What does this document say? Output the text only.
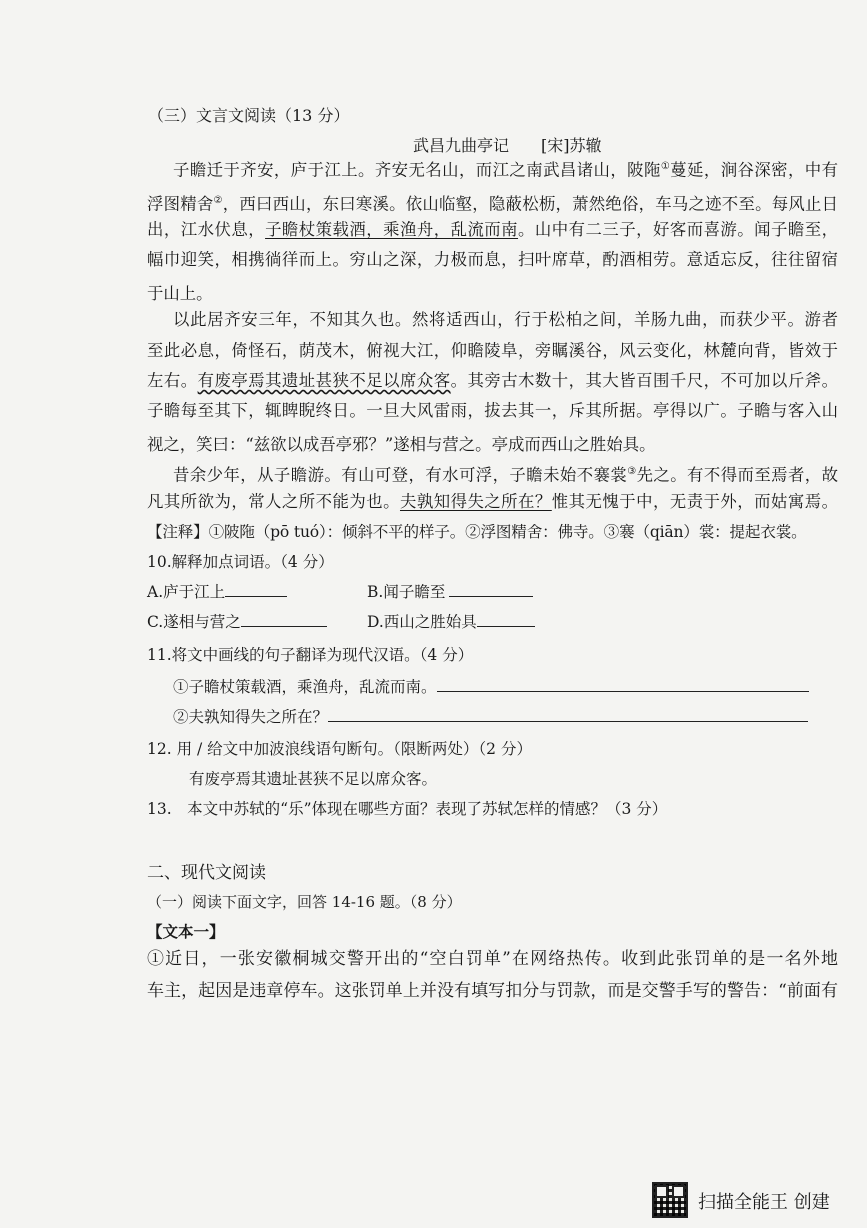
（三）文言文阅读（13 分）
武昌九曲亭记　　[宋]苏辙
子瞻迁于齐安，庐于江上。齐安无名山，而江之南武昌诸山，陂陁①蔓延，涧谷深密，中有
浮图精舍②，西曰西山，东曰寒溪。依山临壑，隐蔽松枥，萧然绝俗，车马之迹不至。每风止日
出，江水伏息，子瞻杖策载酒，乘渔舟，乱流而南。山中有二三子，好客而喜游。闻子瞻至，
幅巾迎笑，相携徜徉而上。穷山之深，力极而息，扫叶席草，酌酒相劳。意适忘反，往往留宿
于山上。
以此居齐安三年，不知其久也。然将适西山，行于松柏之间，羊肠九曲，而获少平。游者
至此必息，倚怪石，荫茂木，俯视大江，仰瞻陵阜，旁瞩溪谷，风云变化，林麓向背，皆效于
左右。有废亭焉其遗址甚狭不足以席众客。其旁古木数十，其大皆百围千尺，不可加以斤斧。
子瞻每至其下，辄睥睨终日。一旦大风雷雨，拔去其一，斥其所据。亭得以广。子瞻与客入山
视之，笑曰：“兹欲以成吾亭邪？”遂相与营之。亭成而西山之胜始具。
昔余少年，从子瞻游。有山可登，有水可浮，子瞻未始不褰裳③先之。有不得而至焉者，故
凡其所欲为，常人之所不能为也。夫孰知得失之所在？惟其无愧于中，无责于外，而姑寓焉。
【注释】①陂陁（pō tuó）：倾斜不平的样子。②浮图精舍：佛寺。③褰（qiān）裳：提起衣裳。
10.解释加点词语。（4 分）
A.庐于江上	B.闻子瞻至
C.遂相与营之	D.西山之胜始具
11.将文中画线的句子翻译为现代汉语。（4 分）
①子瞻杖策载酒，乘渔舟，乱流而南。
②夫孰知得失之所在？
12. 用 / 给文中加波浪线语句断句。（限断两处）（2 分）
有废亭焉其遗址甚狭不足以席众客。
13.　本文中苏轼的“乐”体现在哪些方面？表现了苏轼怎样的情感？（3 分）
二、现代文阅读
（一）阅读下面文字，回答 14-16 题。（8 分）
【文本一】
①近日，一张安徽桐城交警开出的“空白罚单”在网络热传。收到此张罚单的是一名外地
车主，起因是违章停车。这张罚单上并没有填写扣分与罚款，而是交警手写的警告：“前面有
扫描全能王 创建
